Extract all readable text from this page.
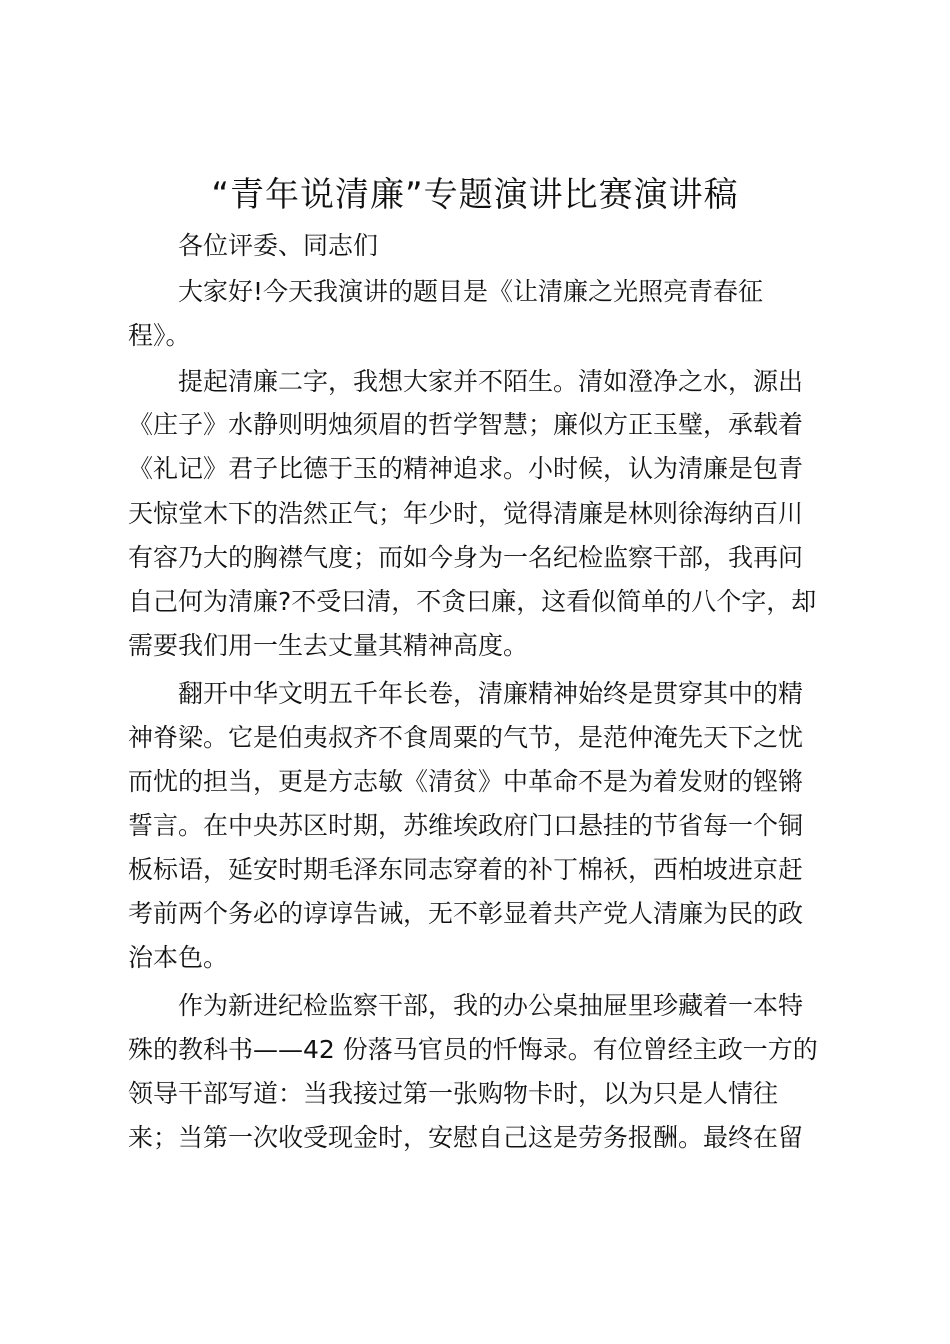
“青年说清廉”专题演讲比赛演讲稿
各位评委、同志们
大家好!今天我演讲的题目是《让清廉之光照亮青春征
程》。
提起清廉二字，我想大家并不陌生。清如澄净之水，源出
《庄子》水静则明烛须眉的哲学智慧；廉似方正玉璧，承载着
《礼记》君子比德于玉的精神追求。小时候，认为清廉是包青
天惊堂木下的浩然正气；年少时，觉得清廉是林则徐海纳百川
有容乃大的胸襟气度；而如今身为一名纪检监察干部，我再问
自己何为清廉?不受曰清，不贪曰廉，这看似简单的八个字，却
需要我们用一生去丈量其精神高度。
翻开中华文明五千年长卷，清廉精神始终是贯穿其中的精
神脊梁。它是伯夷叔齐不食周粟的气节，是范仲淹先天下之忧
而忧的担当，更是方志敏《清贫》中革命不是为着发财的铿锵
誓言。在中央苏区时期，苏维埃政府门口悬挂的节省每一个铜
板标语，延安时期毛泽东同志穿着的补丁棉袄，西柏坡进京赶
考前两个务必的谆谆告诫，无不彰显着共产党人清廉为民的政
治本色。
作为新进纪检监察干部，我的办公桌抽屉里珍藏着一本特
殊的教科书——42 份落马官员的忏悔录。有位曾经主政一方的
领导干部写道：当我接过第一张购物卡时，以为只是人情往
来；当第一次收受现金时，安慰自己这是劳务报酬。最终在留
